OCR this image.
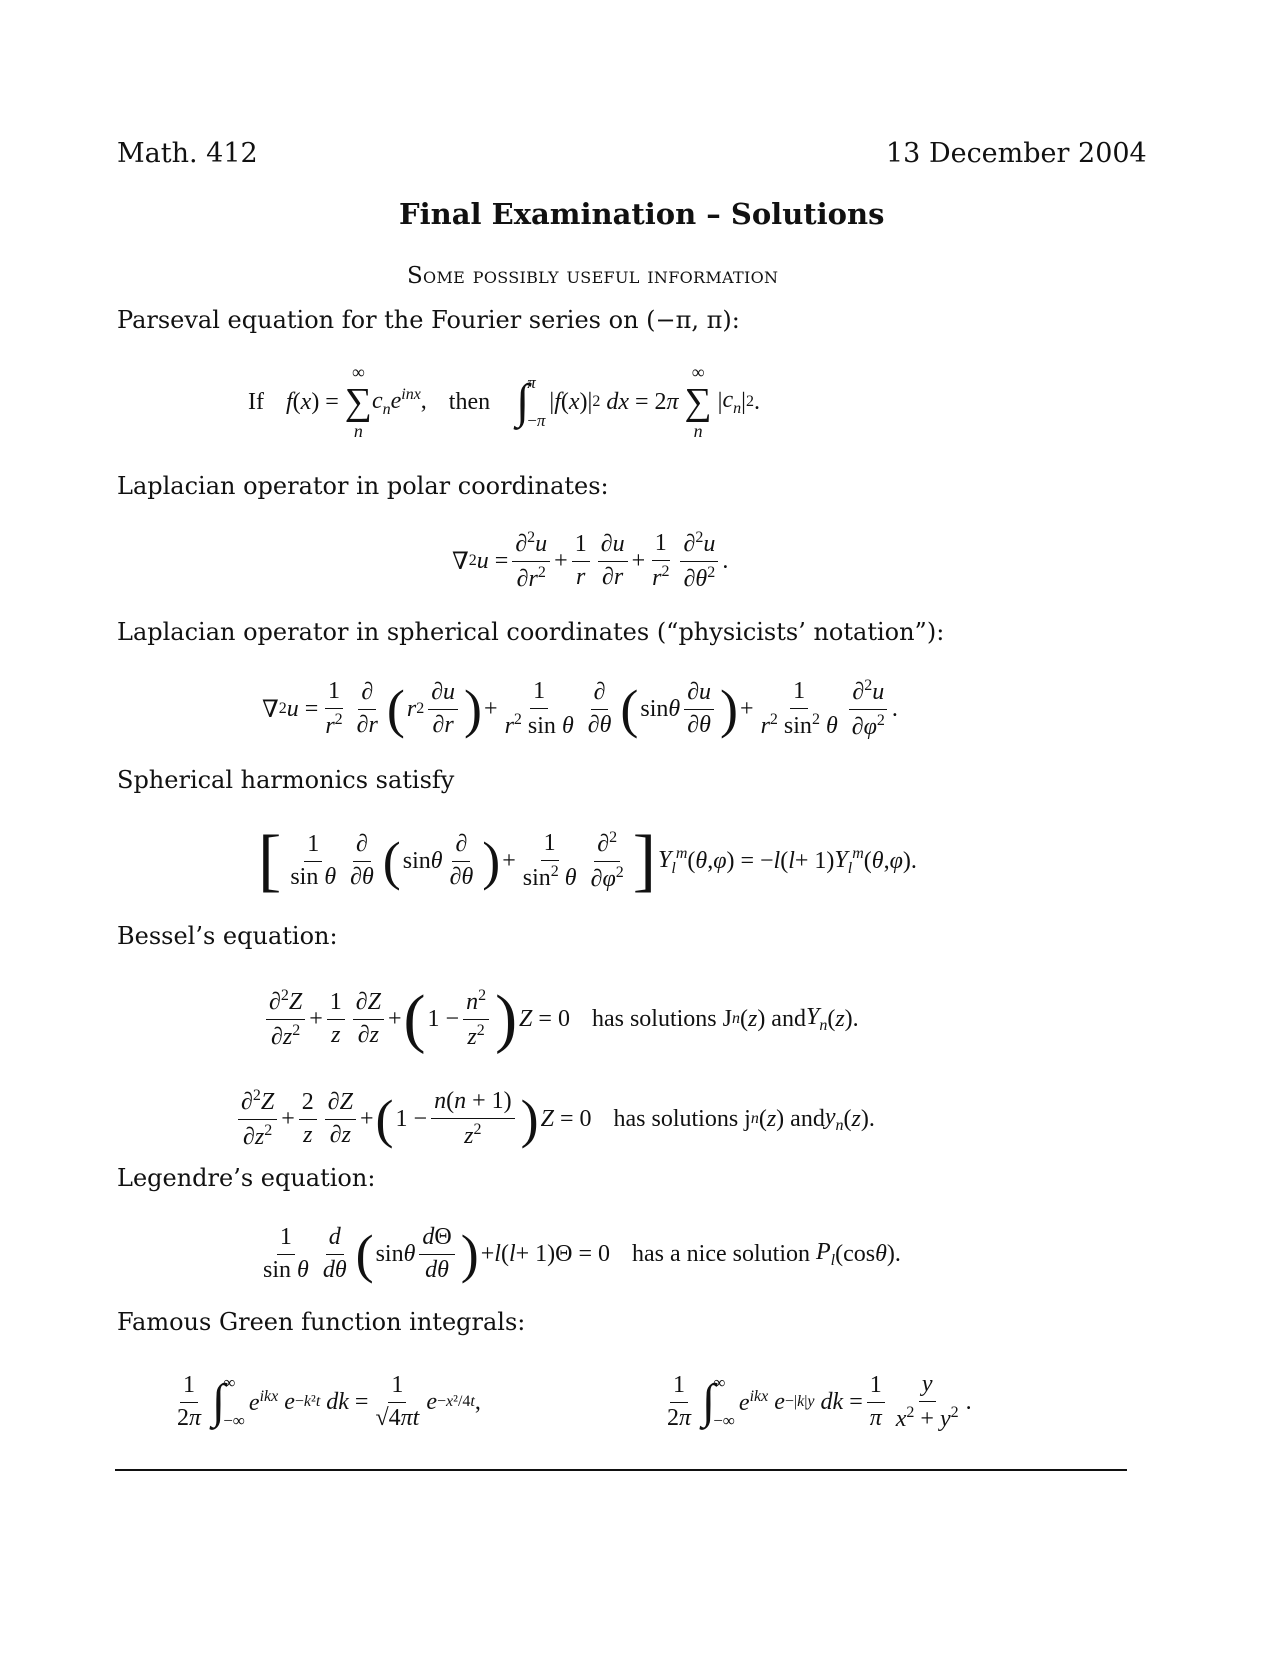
Math. 412	13 December 2004
Final Examination – Solutions
Some possibly useful information
Parseval equation for the Fourier series on (−π, π):
If f ( x ) =
∞
∑
n

$c_ne^{inx}$, then ∫
π
−π
| f ( x )| 2
dx = 2 π
∞
∑
n
| $c_n$ | 2 .
Laplacian operator in polar coordinates:
∇ 2 $u = \frac{\partial^2u}{\partial r^2} + \frac{1}{r} \frac{\partial u}{\partial r} + \frac{1}{r^2} \frac{\partial^2u}{\partial\theta^2}$ .
Laplacian operator in spherical coordinates (“physicists’ notation”):
∇ 2 $u = \frac{1}{r^2} \frac{\partial}{\partial r}$ ( r $2 \frac{\partial u}{\partial r}$ ) + $\frac{1}{r^2 \sin \theta} \frac{\partial}{\partial\theta}$ ( sin θ $\frac{\partial u}{\partial\theta}$ ) + $\frac{1}{r^2 \sin^2 \theta} \frac{\partial^2u}{\partial\varphi^2}$ .
Spherical harmonics satisfy
[ $\frac{1}{\text{sin θ}} \frac{\partial}{\partial\theta}$ ( sin θ $\frac{\partial}{\partial\theta}$ ) + $\frac{1}{\sin^2 \theta} \frac{\partial^2}{\partial\varphi^2}$ ] $Y_l^m$ ( θ , φ ) = − l ( l + 1) $Y_l^m$ ( θ , φ ).
Bessel’s equation:
$\frac{\partial^2Z}{\partial z^2} + \frac{1}{z} \frac{\partial Z}{\partial z}$ + ( $1 - \frac{n^2}{z^2}$ ) Z = 0 has solutions J n ( z ) and $Y_n$ ( z ).
$\frac{\partial^2Z}{\partial z^2} + \frac{2}{z} \frac{\partial Z}{\partial z}$ + ( $1 - \frac{n(n + 1)}{z^2}$ ) Z = 0 has solutions j n ( z ) and $y_n$ ( z ).
Legendre’s equation:
$\frac{1}{\text{sin θ}} \frac{d}{d\theta}$ ( sin θ $\frac{d\Theta}{d\theta}$ ) + l ( l + 1)Θ = 0 has a nice solution
$P_l$ (cos θ ).
Famous Green function integrals:
$\frac{1}{2\pi}$ ∫
∞
−∞
$e^{ikx}$
e −k²t
dk = $\frac{1}{√4\pi t}$ e −x²/4t ,	$\frac{1}{2\pi}$ ∫
∞
−∞
$e^{ikx}$
e −|k|y
dk = $\frac{1}{\pi} \frac{y}{x^2 + y^2}$ .
